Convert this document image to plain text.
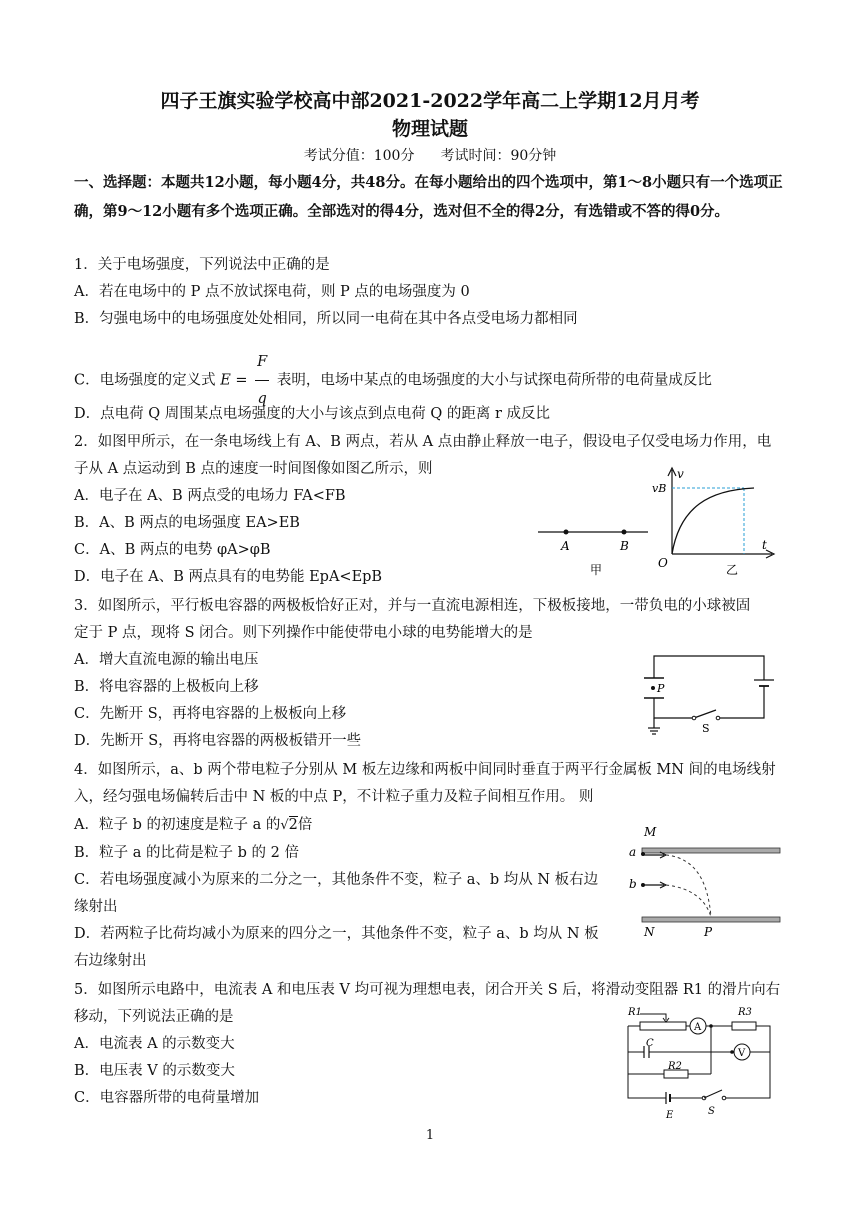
四子王旗实验学校高中部2021-2022学年高二上学期12月月考
物理试题
考试分值：100分 考试时间：90分钟
一、选择题：本题共12小题，每小题4分，共48分。在每小题给出的四个选项中，第1～8小题只有一个选项正确，第9～12小题有多个选项正确。全部选对的得4分，选对但不全的得2分，有选错或不答的得0分。
1．关于电场强度，下列说法中正确的是
A．若在电场中的 P 点不放试探电荷，则 P 点的电场强度为 0
B．匀强电场中的电场强度处处相同，所以同一电荷在其中各点受电场力都相同
C．电场强度的定义式 $E = \frac{F}{q}$ 表明，电场中某点的电场强度的大小与试探电荷所带的电荷量成反比
D．点电荷 Q 周围某点电场强度的大小与该点到点电荷 Q 的距离 r 成反比
2．如图甲所示，在一条电场线上有 A、B 两点，若从 A 点由静止释放一电子，假设电子仅受电场力作用，电
子从 A 点运动到 B 点的速度一时间图像如图乙所示，则
A．电子在 A、B 两点受的电场力 FA<FB
B．A、B 两点的电场强度 EA>EB
C．A、B 两点的电势 φA>φB
D．电子在 A、B 两点具有的电势能 EpA<EpB
A	B
甲
v
vB
O
t
乙
3．如图所示，平行板电容器的两极板恰好正对，并与一直流电源相连，下极板接地，一带负电的小球被固
定于 P 点，现将 S 闭合。则下列操作中能使带电小球的电势能增大的是
A．增大直流电源的输出电压
B．将电容器的上极板向上移
C．先断开 S，再将电容器的上极板向上移
D．先断开 S，再将电容器的两极板错开一些
P
S
4．如图所示，a、b 两个带电粒子分别从 M 板左边缘和两板中间同时垂直于两平行金属板 MN 间的电场线射
入，经匀强电场偏转后击中 N 板的中点 P，不计粒子重力及粒子间相互作用。 则
A．粒子 b 的初速度是粒子 a 的√2倍
B．粒子 a 的比荷是粒子 b 的 2 倍
C．若电场强度减小为原来的二分之一，其他条件不变，粒子 a、b 均从 N 板右边
缘射出
D．若两粒子比荷均减小为原来的四分之一，其他条件不变，粒子 a、b 均从 N 板
右边缘射出
M
a
b
N	P
5．如图所示电路中，电流表 A 和电压表 V 均可视为理想电表，闭合开关 S 后，将滑动变阻器 R1 的滑片向右
移动，下列说法正确的是
A．电流表 A 的示数变大
B．电压表 V 的示数变大
C．电容器所带的电荷量增加
R1
A
R3
C
V
R2
E	S
1
